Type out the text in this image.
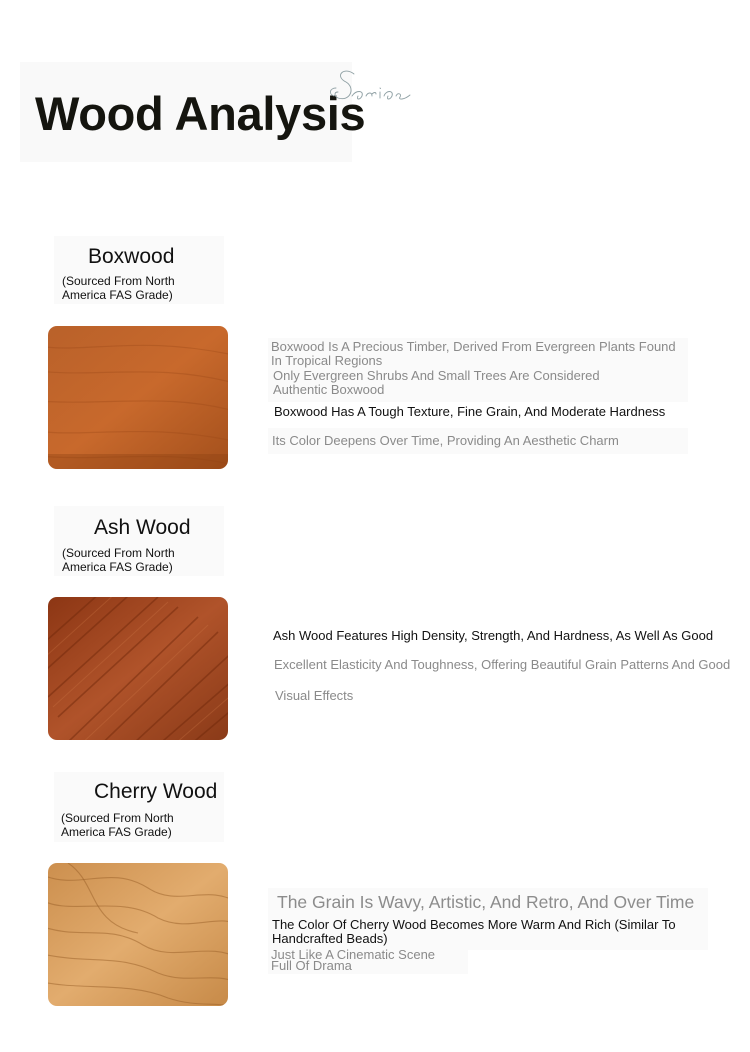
Wood Analysis
Series
Boxwood
(Sourced From North America FAS Grade)
Boxwood Is A Precious Timber, Derived From Evergreen Plants Found
In Tropical Regions
Only Evergreen Shrubs And Small Trees Are Considered
Authentic Boxwood
Boxwood Has A Tough Texture, Fine Grain, And Moderate Hardness
Its Color Deepens Over Time, Providing An Aesthetic Charm
Ash Wood
(Sourced From North America FAS Grade)
Ash Wood Features High Density, Strength, And Hardness, As Well As Good
Excellent Elasticity And Toughness, Offering Beautiful Grain Patterns And Good
Visual Effects
Cherry Wood
(Sourced From North America FAS Grade)
The Grain Is Wavy, Artistic, And Retro, And Over Time
The Color Of Cherry Wood Becomes More Warm And Rich (Similar To
Handcrafted Beads)
Just Like A Cinematic Scene
Full Of Drama
